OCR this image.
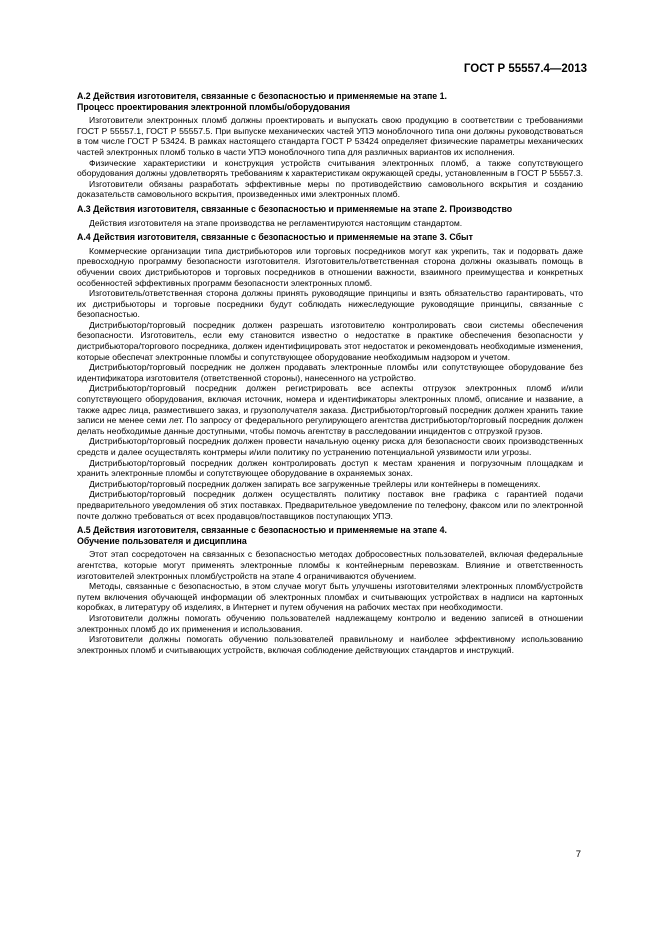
ГОСТ Р 55557.4—2013
А.2 Действия изготовителя, связанные с безопасностью и применяемые на этапе 1.
Процесс проектирования электронной пломбы/оборудования

Изготовители электронных пломб должны проектировать и выпускать свою продукцию в соответствии с требованиями ГОСТ Р 55557.1, ГОСТ Р 55557.5. При выпуске механических частей УПЭ моноблочного типа они должны руководствоваться в том числе ГОСТ Р 53424. В рамках настоящего стандарта ГОСТ Р 53424 определяет физические параметры механических частей электронных пломб только в части УПЭ моноблочного типа для различных вариантов их исполнения.

Физические характеристики и конструкция устройств считывания электронных пломб, а также сопутствующего оборудования должны удовлетворять требованиям к характеристикам окружающей среды, установленным в ГОСТ Р 55557.3.

Изготовители обязаны разработать эффективные меры по противодействию самовольного вскрытия и созданию доказательств самовольного вскрытия, произведенных ими электронных пломб.

А.3 Действия изготовителя, связанные с безопасностью и применяемые на этапе 2. Производство

Действия изготовителя на этапе производства не регламентируются настоящим стандартом.

А.4 Действия изготовителя, связанные с безопасностью и применяемые на этапе 3. Сбыт

Коммерческие организации типа дистрибьюторов или торговых посредников могут как укрепить, так и подорвать даже превосходную программу безопасности изготовителя. Изготовитель/ответственная сторона должны оказывать помощь в обучении своих дистрибьюторов и торговых посредников в отношении важности, взаимного преимущества и конкретных особенностей эффективных программ безопасности электронных пломб.

Изготовитель/ответственная сторона должны принять руководящие принципы и взять обязательство гарантировать, что их дистрибьюторы и торговые посредники будут соблюдать нижеследующие руководящие принципы, связанные с безопасностью.

Дистрибьютор/торговый посредник должен разрешать изготовителю контролировать свои системы обеспечения безопасности. Изготовитель, если ему становится известно о недостатке в практике обеспечения безопасности у дистрибьютора/торгового посредника, должен идентифицировать этот недостаток и рекомендовать необходимые изменения, которые обеспечат электронные пломбы и сопутствующее оборудование необходимым надзором и учетом.

Дистрибьютор/торговый посредник не должен продавать электронные пломбы или сопутствующее оборудование без идентификатора изготовителя (ответственной стороны), нанесенного на устройство.

Дистрибьютор/торговый посредник должен регистрировать все аспекты отгрузок электронных пломб и/или сопутствующего оборудования, включая источник, номера и идентификаторы электронных пломб, описание и название, а также адрес лица, разместившего заказ, и грузополучателя заказа. Дистрибьютор/торговый посредник должен хранить такие записи не менее семи лет. По запросу от федерального регулирующего агентства дистрибьютор/торговый посредник должен делать необходимые данные доступными, чтобы помочь агентству в расследовании инцидентов с отгрузкой грузов.

Дистрибьютор/торговый посредник должен провести начальную оценку риска для безопасности своих производственных средств и далее осуществлять контрмеры и/или политику по устранению потенциальной уязвимости или угрозы.

Дистрибьютор/торговый посредник должен контролировать доступ к местам хранения и погрузочным площадкам и хранить электронные пломбы и сопутствующее оборудование в охраняемых зонах.

Дистрибьютор/торговый посредник должен запирать все загруженные трейлеры или контейнеры в помещениях.

Дистрибьютор/торговый посредник должен осуществлять политику поставок вне графика с гарантией подачи предварительного уведомления об этих поставках. Предварительное уведомление по телефону, факсом или по электронной почте должно требоваться от всех продавцов/поставщиков поступающих УПЭ.

А.5 Действия изготовителя, связанные с безопасностью и применяемые на этапе 4.
Обучение пользователя и дисциплина

Этот этап сосредоточен на связанных с безопасностью методах добросовестных пользователей, включая федеральные агентства, которые могут применять электронные пломбы к контейнерным перевозкам. Влияние и ответственность изготовителей электронных пломб/устройств на этапе 4 ограничиваются обучением.

Методы, связанные с безопасностью, в этом случае могут быть улучшены изготовителями электронных пломб/устройств путем включения обучающей информации об электронных пломбах и считывающих устройствах в надписи на картонных коробках, в литературу об изделиях, в Интернет и путем обучения на рабочих местах при необходимости.

Изготовители должны помогать обучению пользователей надлежащему контролю и ведению записей в отношении электронных пломб до их применения и использования.

Изготовители должны помогать обучению пользователей правильному и наиболее эффективному использованию электронных пломб и считывающих устройств, включая соблюдение действующих стандартов и инструкций.

7
